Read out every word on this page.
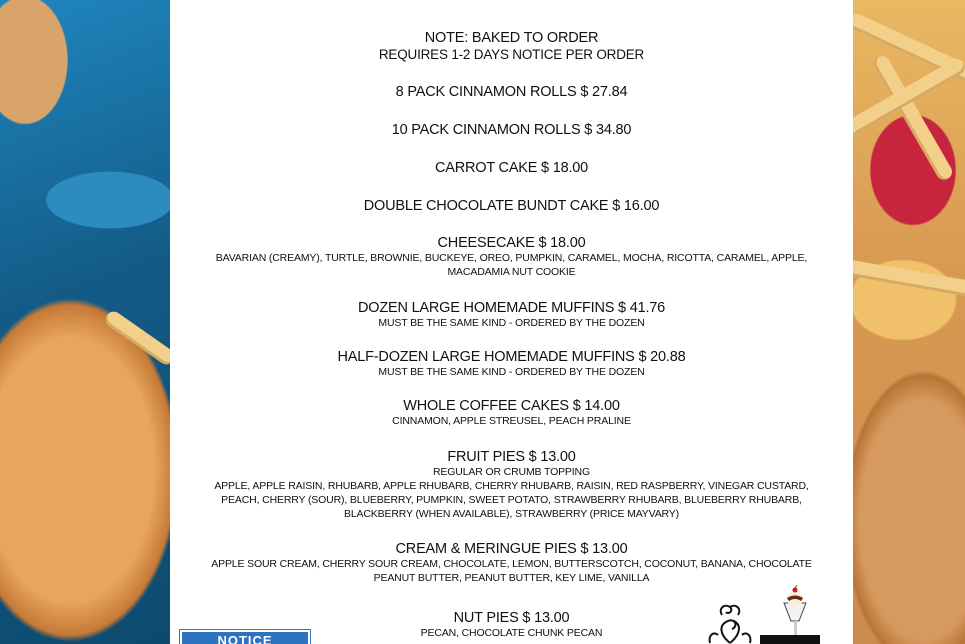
NOTE: BAKED TO ORDER
REQUIRES 1-2 DAYS NOTICE PER ORDER
8 PACK CINNAMON ROLLS $ 27.84
10 PACK CINNAMON ROLLS $ 34.80
CARROT CAKE $ 18.00
DOUBLE CHOCOLATE BUNDT CAKE $ 16.00
CHEESECAKE $ 18.00
BAVARIAN (CREAMY), TURTLE, BROWNIE, BUCKEYE, OREO, PUMPKIN, CARAMEL, MOCHA, RICOTTA, CARAMEL, APPLE,
MACADAMIA NUT COOKIE
DOZEN LARGE HOMEMADE MUFFINS $ 41.76
MUST BE THE SAME KIND - ORDERED BY THE DOZEN
HALF-DOZEN LARGE HOMEMADE MUFFINS $ 20.88
MUST BE THE SAME KIND - ORDERED BY THE DOZEN
WHOLE COFFEE CAKES $ 14.00
CINNAMON, APPLE STREUSEL, PEACH PRALINE
FRUIT PIES $ 13.00
REGULAR OR CRUMB TOPPING
APPLE, APPLE RAISIN, RHUBARB, APPLE RHUBARB, CHERRY RHUBARB, RAISIN, RED RASPBERRY, VINEGAR CUSTARD,
PEACH, CHERRY (SOUR), BLUEBERRY, PUMPKIN, SWEET POTATO, STRAWBERRY RHUBARB, BLUEBERRY RHUBARB,
BLACKBERRY (WHEN AVAILABLE), STRAWBERRY (PRICE MAYVARY)
CREAM & MERINGUE PIES $ 13.00
APPLE SOUR CREAM, CHERRY SOUR CREAM, CHOCOLATE, LEMON, BUTTERSCOTCH, COCONUT, BANANA, CHOCOLATE
PEANUT BUTTER, PEANUT BUTTER, KEY LIME, VANILLA
NUT PIES $ 13.00
PECAN, CHOCOLATE CHUNK PECAN
NOTICE
